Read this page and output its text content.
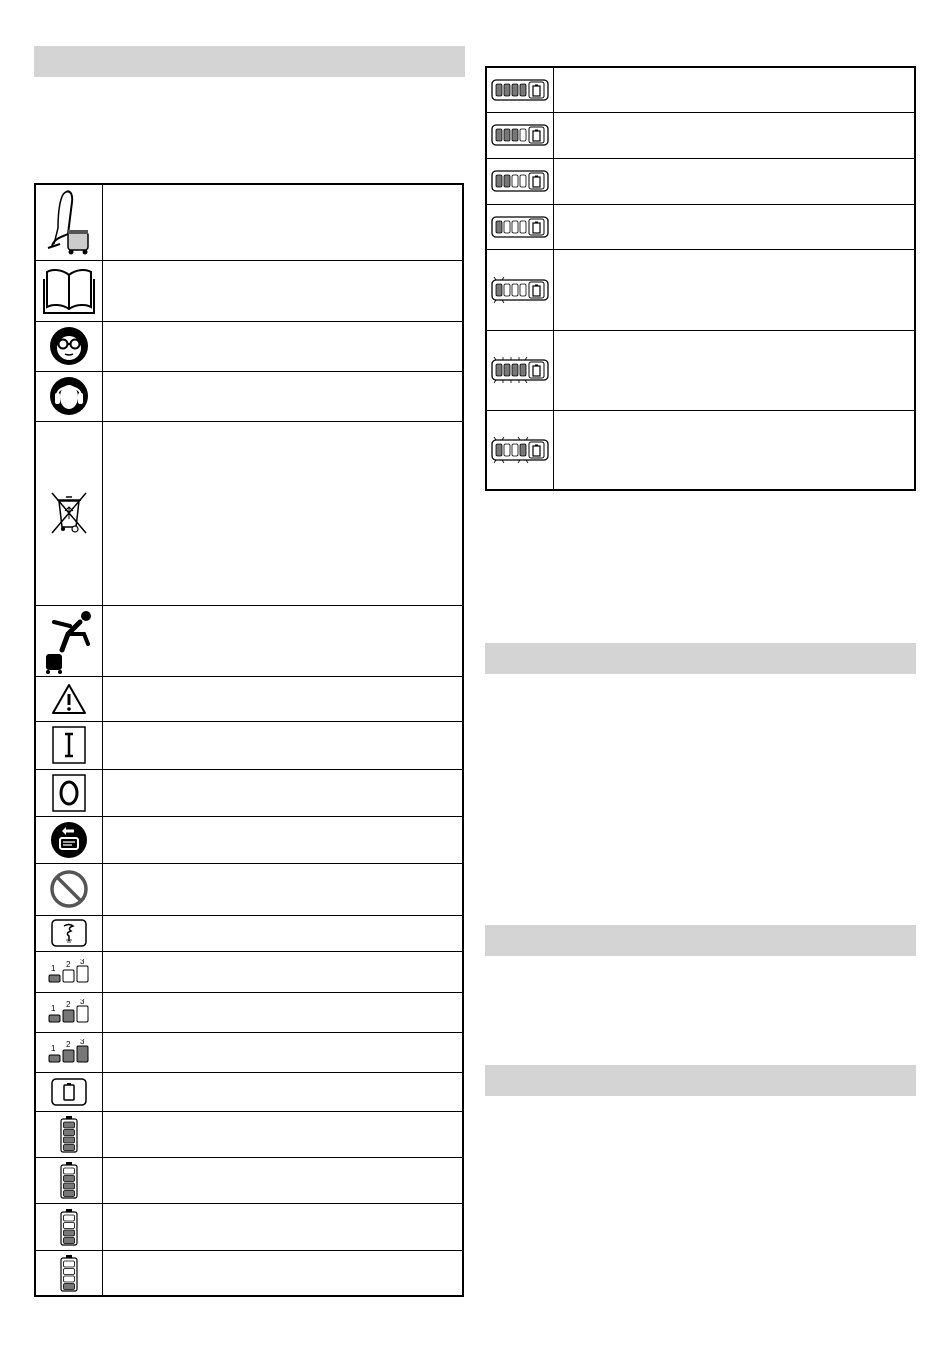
1 2 3	

1 2 3	

1 2 3	
